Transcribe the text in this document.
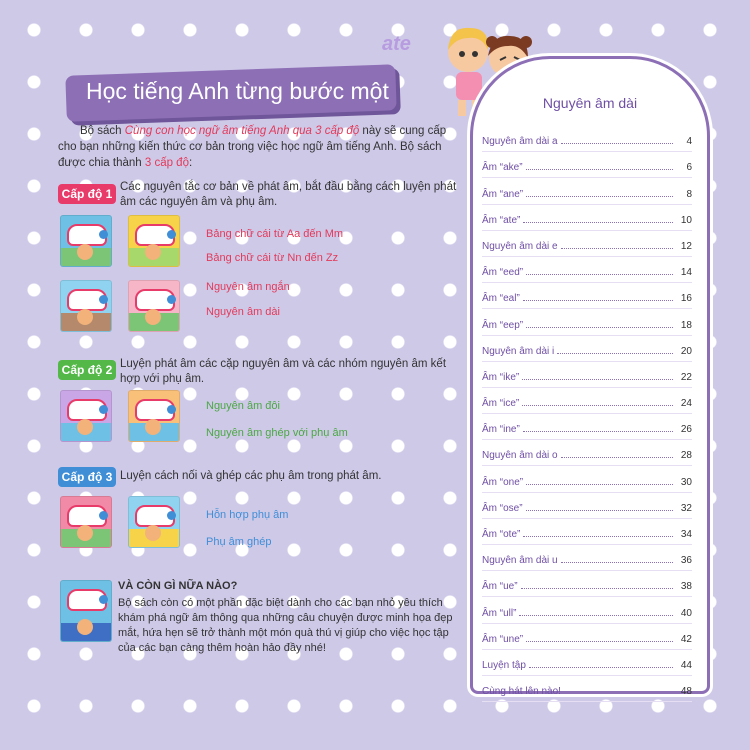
ate
Học tiếng Anh từng bước một
Bộ sách Cùng con học ngữ âm tiếng Anh qua 3 cấp độ này sẽ cung cấp cho bạn những kiến thức cơ bản trong việc học ngữ âm tiếng Anh. Bộ sách được chia thành 3 cấp độ:
Cấp độ 1 Các nguyên tắc cơ bản về phát âm, bắt đầu bằng cách luyện phát âm các nguyên âm và phụ âm.
Bảng chữ cái từ Aa đến Mm
Bảng chữ cái từ Nn đến Zz
Nguyên âm ngắn
Nguyên âm dài
Cấp độ 2 Luyện phát âm các cặp nguyên âm và các nhóm nguyên âm kết hợp với phụ âm.
Nguyên âm đôi
Nguyên âm ghép với phụ âm
Cấp độ 3 Luyện cách nối và ghép các phụ âm trong phát âm.
Hỗn hợp phụ âm
Phụ âm ghép
VÀ CÒN GÌ NỮA NÀO?
Bộ sách còn có một phần đặc biệt dành cho các bạn nhỏ yêu thích khám phá ngữ âm thông qua những câu chuyện được minh họa đẹp mắt, hứa hẹn sẽ trở thành một món quà thú vị giúp cho việc học tập của các bạn càng thêm hoàn hảo đầy nhé!
Nguyên âm dài
Nguyên âm dài a	4
Âm “ake”	6
Âm “ane”	8
Âm “ate”	10
Nguyên âm dài e	12
Âm “eed”	14
Âm “eal”	16
Âm “eep”	18
Nguyên âm dài i	20
Âm “ike”	22
Âm “ice”	24
Âm “ine”	26
Nguyên âm dài o	28
Âm “one”	30
Âm “ose”	32
Âm “ote”	34
Nguyên âm dài u	36
Âm “ue”	38
Âm “ull”	40
Âm “une”	42
Luyện tập	44
Cùng hát lên nào!	48
